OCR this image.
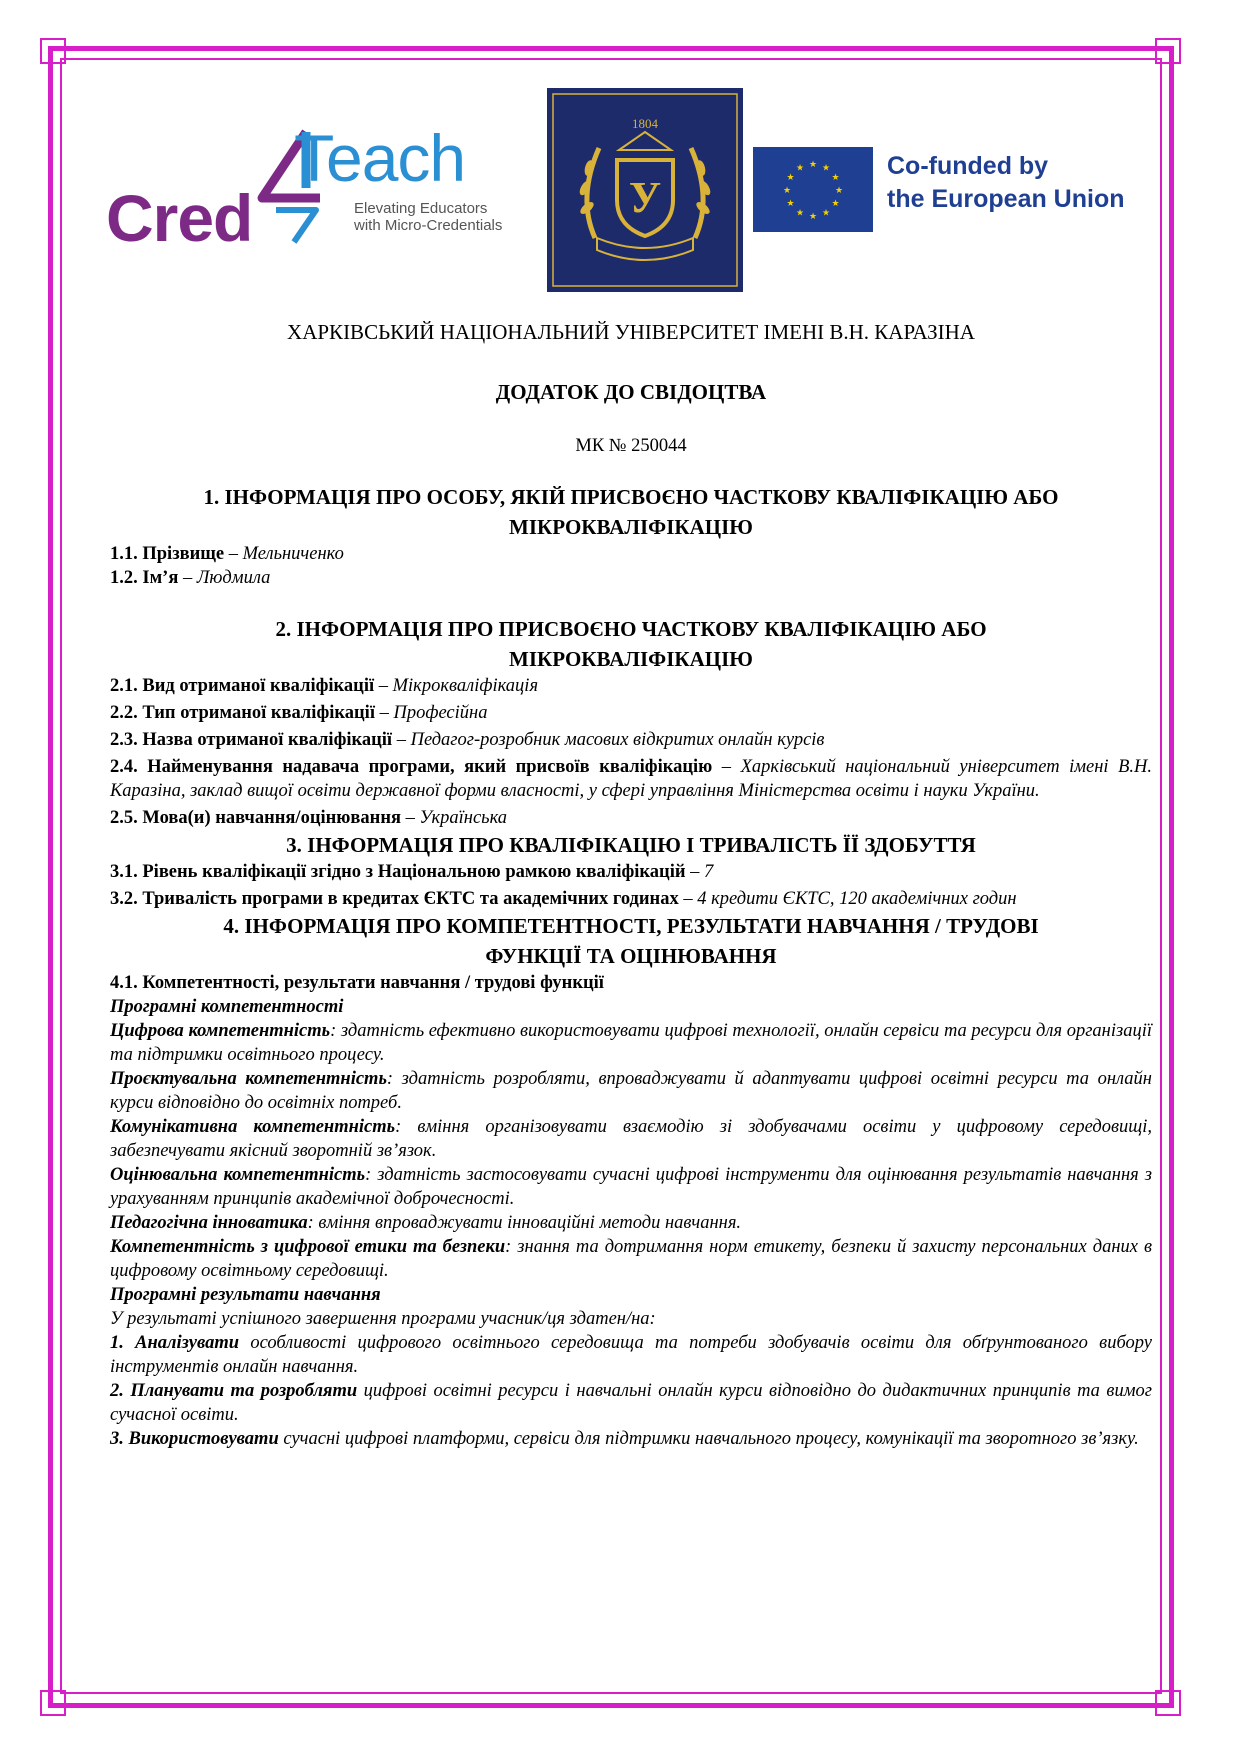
Cred
Teach
Elevating Educators
with Micro-Credentials
1804
У
★ ★
★
★
★
★
★
★
★
★
★
★	Co-funded by
the European Union
ХАРКІВСЬКИЙ НАЦІОНАЛЬНИЙ УНІВЕРСИТЕТ ІМЕНІ В.Н. КАРАЗІНА
ДОДАТОК ДО СВІДОЦТВА
МК № 250044
1. ІНФОРМАЦІЯ ПРО ОСОБУ, ЯКІЙ ПРИСВОЄНО ЧАСТКОВУ КВАЛІФІКАЦІЮ АБО
МІКРОКВАЛІФІКАЦІЮ
1.1. Прізвище – Мельниченко
1.2. Ім’я – Людмила
2. ІНФОРМАЦІЯ ПРО ПРИСВОЄНО ЧАСТКОВУ КВАЛІФІКАЦІЮ АБО
МІКРОКВАЛІФІКАЦІЮ
2.1. Вид отриманої кваліфікації – Мікрокваліфікація
2.2. Тип отриманої кваліфікації – Професійна
2.3. Назва отриманої кваліфікації – Педагог-розробник масових відкритих онлайн курсів
2.4. Найменування надавача програми, який присвоїв кваліфікацію – Харківський національний університет імені В.Н. Каразіна, заклад вищої освіти державної форми власності, у сфері управління Міністерства освіти і науки України.
2.5. Мова(и) навчання/оцінювання – Українська
3. ІНФОРМАЦІЯ ПРО КВАЛІФІКАЦІЮ І ТРИВАЛІСТЬ ЇЇ ЗДОБУТТЯ
3.1. Рівень кваліфікації згідно з Національною рамкою кваліфікацій – 7
3.2. Тривалість програми в кредитах ЄКТС та академічних годинах – 4 кредити ЄКТС, 120 академічних годин
4. ІНФОРМАЦІЯ ПРО КОМПЕТЕНТНОСТІ, РЕЗУЛЬТАТИ НАВЧАННЯ / ТРУДОВІ
ФУНКЦІЇ ТА ОЦІНЮВАННЯ
4.1. Компетентності, результати навчання / трудові функції
Програмні компетентності
Цифрова компетентність: здатність ефективно використовувати цифрові технології, онлайн сервіси та ресурси для організації та підтримки освітнього процесу.
Проєктувальна компетентність: здатність розробляти, впроваджувати й адаптувати цифрові освітні ресурси та онлайн курси відповідно до освітніх потреб.
Комунікативна компетентність: вміння організовувати взаємодію зі здобувачами освіти у цифровому середовищі, забезпечувати якісний зворотній зв’язок.
Оцінювальна компетентність: здатність застосовувати сучасні цифрові інструменти для оцінювання результатів навчання з урахуванням принципів академічної доброчесності.
Педагогічна інноватика: вміння впроваджувати інноваційні методи навчання.
Компетентність з цифрової етики та безпеки: знання та дотримання норм етикету, безпеки й захисту персональних даних в цифровому освітньому середовищі.
Програмні результати навчання
У результаті успішного завершення програми учасник/ця здатен/на:
1. Аналізувати особливості цифрового освітнього середовища та потреби здобувачів освіти для обґрунтованого вибору інструментів онлайн навчання.
2. Планувати та розробляти цифрові освітні ресурси і навчальні онлайн курси відповідно до дидактичних принципів та вимог сучасної освіти.
3. Використовувати сучасні цифрові платформи, сервіси для підтримки навчального процесу, комунікації та зворотного зв’язку.
